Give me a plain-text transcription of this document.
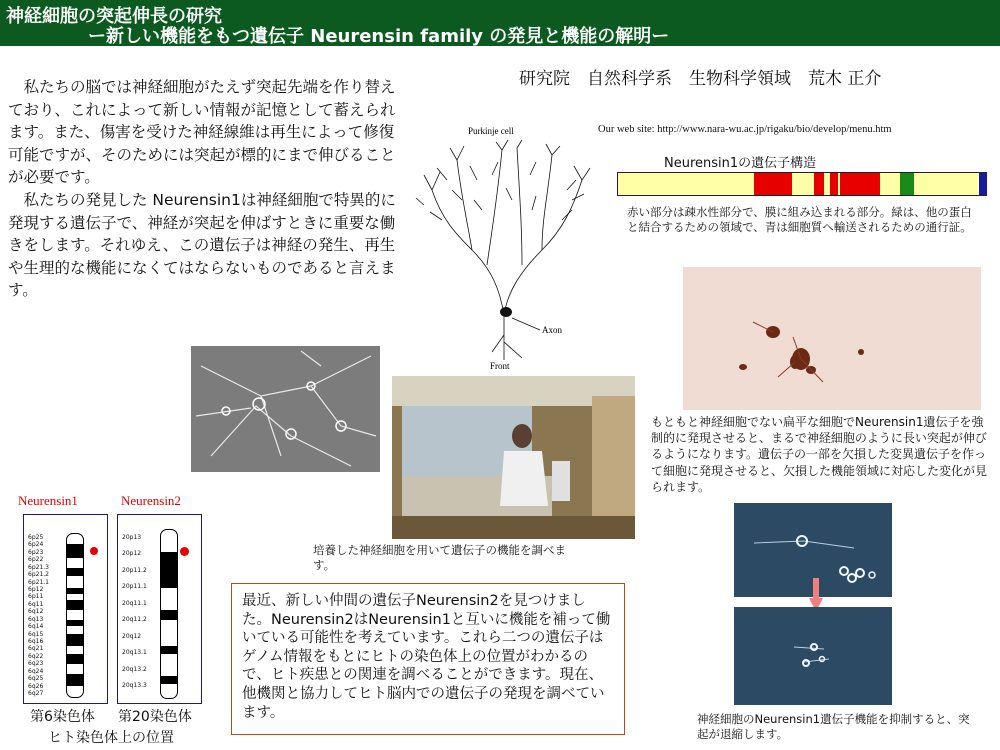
神経細胞の突起伸長の研究
ー新しい機能をもつ遺伝子 Neurensin family の発見と機能の解明ー
研究院　自然科学系　生物科学領域　荒木 正介
Our web site: http://www.nara-wu.ac.jp/rigaku/bio/develop/menu.htm

私たちの脳では神経細胞がたえず突起先端を作り替えており、これによって新しい情報が記憶として蓄えられます。また、傷害を受けた神経線維は再生によって修復可能ですが、そのためには突起が標的にまで伸びることが必要です。

私たちの発見した Neurensin1は神経細胞で特異的に発現する遺伝子で、神経が突起を伸ばすときに重要な働きをします。それゆえ、この遺伝子は神経の発生、再生や生理的な機能になくてはならないものであると言えます。

Purkinje cell
Axon
Front
Neurensin1の遺伝子構造
赤い部分は疎水性部分で、膜に組み込まれる部分。緑は、他の蛋白と結合するための領域で、青は細胞質へ輸送されるための通行証。
もともと神経細胞でない扁平な細胞でNeurensin1遺伝子を強制的に発現させると、まるで神経細胞のように長い突起が伸びるようになります。遺伝子の一部を欠損した変異遺伝子を作って細胞に発現させると、欠損した機能領域に対応した変化が見られます。
培養した神経細胞を用いて遺伝子の機能を調べます。
Neurensin1	Neurensin2
6p25
6p24
6p23
6p22
6p21.3
6p21.2
6p21.1
6p12
6p11
6q11
6q12
6q13
6q14
6q15
6q16
6q21
6q22
6q23
6q24
6q25
6q26
6q27
20p13
20p12
20p11.2
20p11.1
20q11.1
20q11.2
20q12
20q13.1
20q13.2
20q13.3
第6染色体 第20染色体
ヒト染色体上の位置
最近、新しい仲間の遺伝子Neurensin2を見つけました。Neurensin2はNeurensin1と互いに機能を補って働いている可能性を考えています。これら二つの遺伝子はゲノム情報をもとにヒトの染色体上の位置がわかるので、ヒト疾患との関連を調べることができます。現在、他機関と協力してヒト脳内での遺伝子の発現を調べています。	神経細胞のNeurensin1遺伝子機能を抑制すると、突起が退縮します。
